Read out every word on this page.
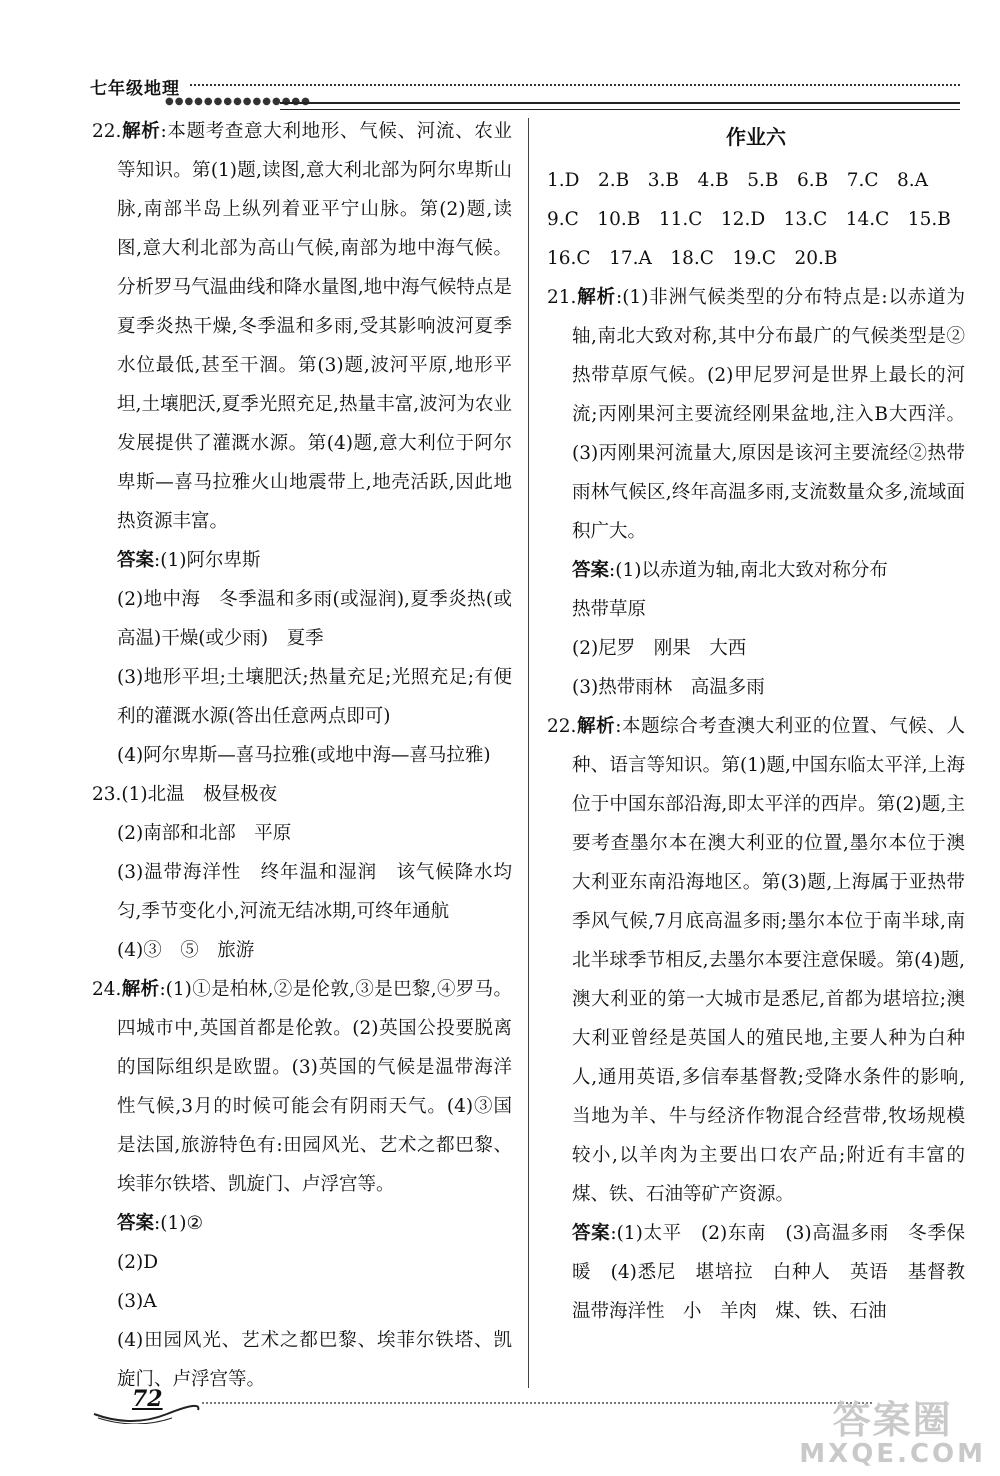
七年级地理
●●●●●●●●●●●●●●●

22.解析:本题考查意大利地形、气候、河流、农业等知识。第(1)题,读图,意大利北部为阿尔卑斯山脉,南部半岛上纵列着亚平宁山脉。第(2)题,读图,意大利北部为高山气候,南部为地中海气候。分析罗马气温曲线和降水量图,地中海气候特点是夏季炎热干燥,冬季温和多雨,受其影响波河夏季水位最低,甚至干涸。第(3)题,波河平原,地形平坦,土壤肥沃,夏季光照充足,热量丰富,波河为农业发展提供了灌溉水源。第(4)题,意大利位于阿尔卑斯—喜马拉雅火山地震带上,地壳活跃,因此地热资源丰富。

答案:(1)阿尔卑斯

(2)地中海　冬季温和多雨(或湿润),夏季炎热(或高温)干燥(或少雨)　夏季

(3)地形平坦;土壤肥沃;热量充足;光照充足;有便利的灌溉水源(答出任意两点即可)

(4)阿尔卑斯—喜马拉雅(或地中海—喜马拉雅)

23.(1)北温　极昼极夜

(2)南部和北部　平原

(3)温带海洋性　终年温和湿润　该气候降水均匀,季节变化小,河流无结冰期,可终年通航

(4)③　⑤　旅游

24.解析:(1)①是柏林,②是伦敦,③是巴黎,④罗马。四城市中,英国首都是伦敦。(2)英国公投要脱离的国际组织是欧盟。(3)英国的气候是温带海洋性气候,3月的时候可能会有阴雨天气。(4)③国是法国,旅游特色有:田园风光、艺术之都巴黎、埃菲尔铁塔、凯旋门、卢浮宫等。

答案:(1)②

(2)D

(3)A

(4)田园风光、艺术之都巴黎、埃菲尔铁塔、凯旋门、卢浮宫等。

作业六

1.D　2.B　3.B　4.B　5.B　6.B　7.C　8.A

9.C　10.B　11.C　12.D　13.C　14.C　15.B

16.C　17.A　18.C　19.C　20.B

21.解析:(1)非洲气候类型的分布特点是:以赤道为轴,南北大致对称,其中分布最广的气候类型是②热带草原气候。(2)甲尼罗河是世界上最长的河流;丙刚果河主要流经刚果盆地,注入B大西洋。(3)丙刚果河流量大,原因是该河主要流经②热带雨林气候区,终年高温多雨,支流数量众多,流域面积广大。

答案:(1)以赤道为轴,南北大致对称分布

热带草原

(2)尼罗　刚果　大西

(3)热带雨林　高温多雨

22.解析:本题综合考查澳大利亚的位置、气候、人种、语言等知识。第(1)题,中国东临太平洋,上海位于中国东部沿海,即太平洋的西岸。第(2)题,主要考查墨尔本在澳大利亚的位置,墨尔本位于澳大利亚东南沿海地区。第(3)题,上海属于亚热带季风气候,7月底高温多雨;墨尔本位于南半球,南北半球季节相反,去墨尔本要注意保暖。第(4)题,澳大利亚的第一大城市是悉尼,首都为堪培拉;澳大利亚曾经是英国人的殖民地,主要人种为白种人,通用英语,多信奉基督教;受降水条件的影响,当地为羊、牛与经济作物混合经营带,牧场规模较小,以羊肉为主要出口农产品;附近有丰富的煤、铁、石油等矿产资源。

答案:(1)太平　(2)东南　(3)高温多雨　冬季保暖　(4)悉尼　堪培拉　白种人　英语　基督教　温带海洋性　小　羊肉　煤、铁、石油

72	答案圈
MXQE.COM
